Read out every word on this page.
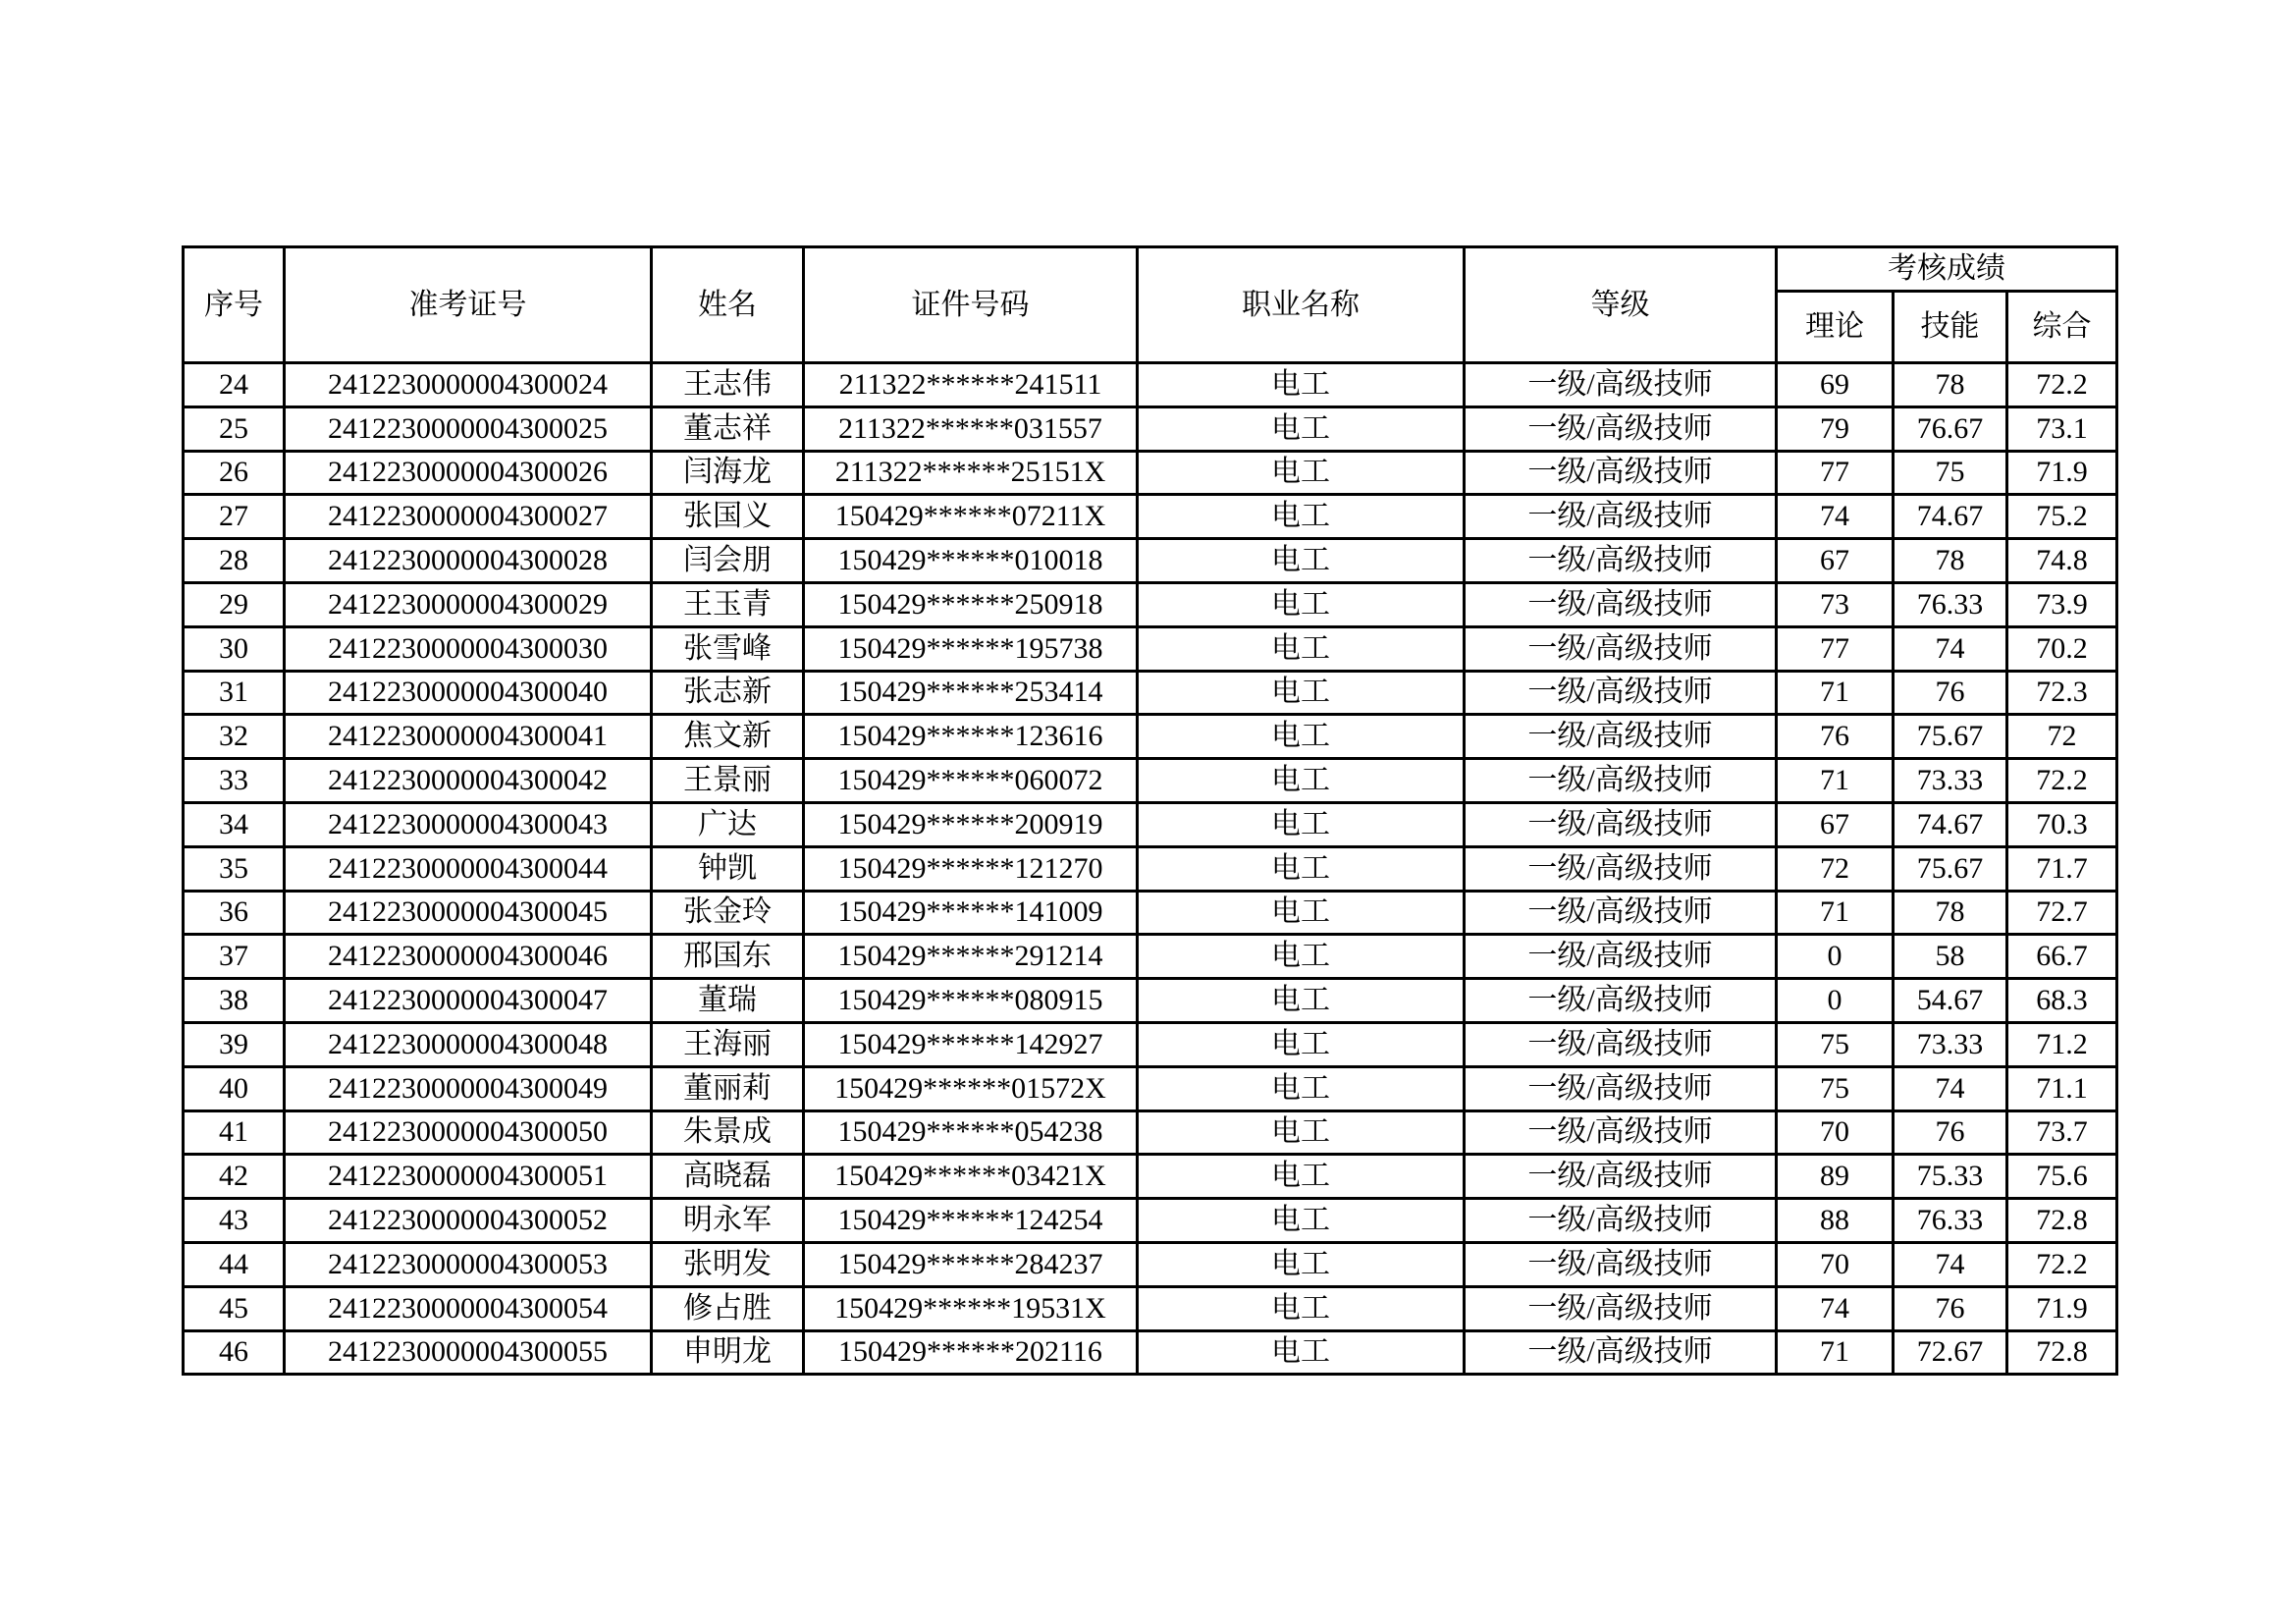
序号	准考证号	姓名	证件号码	职业名称	等级	考核成绩		
						理论	技能	综合
24	2412230000004300024	王志伟	211322******241511	电工	一级/高级技师	69	78	72.2
25	2412230000004300025	董志祥	211322******031557	电工	一级/高级技师	79	76.67	73.1
26	2412230000004300026	闫海龙	211322******25151X	电工	一级/高级技师	77	75	71.9
27	2412230000004300027	张国义	150429******07211X	电工	一级/高级技师	74	74.67	75.2
28	2412230000004300028	闫会朋	150429******010018	电工	一级/高级技师	67	78	74.8
29	2412230000004300029	王玉青	150429******250918	电工	一级/高级技师	73	76.33	73.9
30	2412230000004300030	张雪峰	150429******195738	电工	一级/高级技师	77	74	70.2
31	2412230000004300040	张志新	150429******253414	电工	一级/高级技师	71	76	72.3
32	2412230000004300041	焦文新	150429******123616	电工	一级/高级技师	76	75.67	72
33	2412230000004300042	王景丽	150429******060072	电工	一级/高级技师	71	73.33	72.2
34	2412230000004300043	广达	150429******200919	电工	一级/高级技师	67	74.67	70.3
35	2412230000004300044	钟凯	150429******121270	电工	一级/高级技师	72	75.67	71.7
36	2412230000004300045	张金玲	150429******141009	电工	一级/高级技师	71	78	72.7
37	2412230000004300046	邢国东	150429******291214	电工	一级/高级技师	0	58	66.7
38	2412230000004300047	董瑞	150429******080915	电工	一级/高级技师	0	54.67	68.3
39	2412230000004300048	王海丽	150429******142927	电工	一级/高级技师	75	73.33	71.2
40	2412230000004300049	董丽莉	150429******01572X	电工	一级/高级技师	75	74	71.1
41	2412230000004300050	朱景成	150429******054238	电工	一级/高级技师	70	76	73.7
42	2412230000004300051	高晓磊	150429******03421X	电工	一级/高级技师	89	75.33	75.6
43	2412230000004300052	明永军	150429******124254	电工	一级/高级技师	88	76.33	72.8
44	2412230000004300053	张明发	150429******284237	电工	一级/高级技师	70	74	72.2
45	2412230000004300054	修占胜	150429******19531X	电工	一级/高级技师	74	76	71.9
46	2412230000004300055	申明龙	150429******202116	电工	一级/高级技师	71	72.67	72.8
